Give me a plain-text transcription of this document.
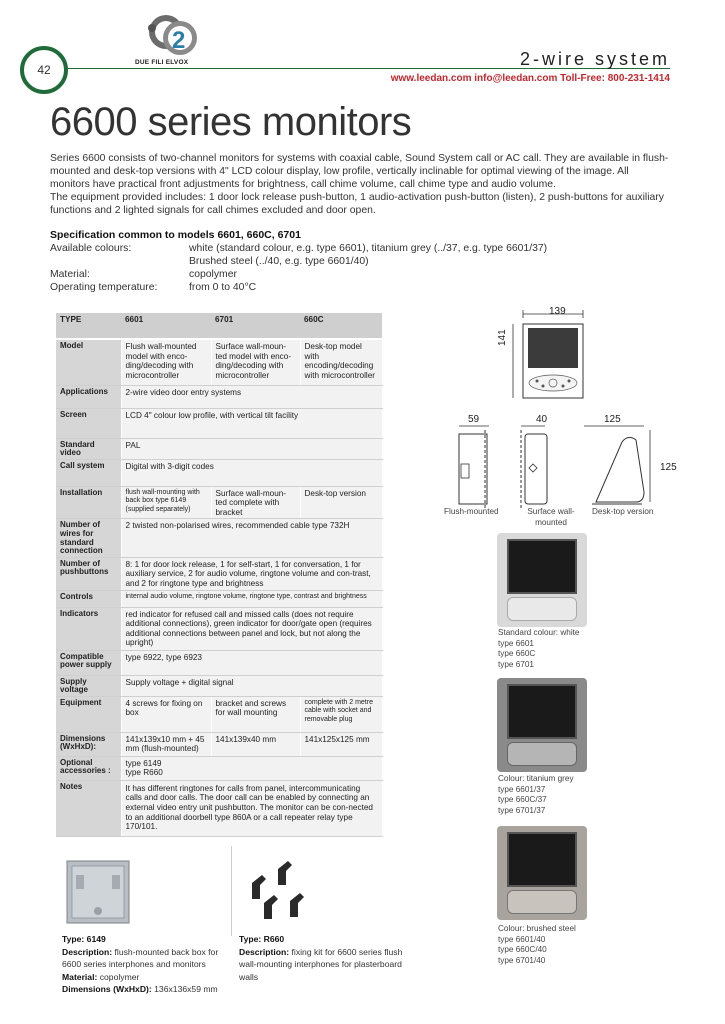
42
2
DUE FILI ELVOX	2-wire system
www.leedan.com info@leedan.com Toll-Free: 800-231-1414
6600 series monitors
Series 6600 consists of two-channel monitors for systems with coaxial cable, Sound System call or AC call. They are available in flush-mounted and desk-top versions with 4" LCD colour display, low profile, vertically inclinable for optimal viewing of the image. All monitors have practical front adjustments for brightness, call chime volume, call chime type and audio volume.
The equipment provided includes: 1 door lock release push-button, 1 audio-activation push-button (listen), 2 push-buttons for auxiliary functions and 2 lighted signals for call chimes excluded and door open.
Specification common to models 6601, 660C, 6701
Available colours:	white (standard colour, e.g. type 6601), titanium grey (../37, e.g. type 6601/37)
Brushed steel (../40, e.g. type 6601/40)
Material:	copolymer
Operating temperature:	from 0 to 40°C
TYPE	6601	6701	660C
Model	Flush wall-mounted model with enco-ding/decoding with microcontroller	Surface wall-moun-ted model with enco-ding/decoding with microcontroller	Desk-top model with encoding/decoding with microcontroller
Applications	2-wire video door entry systems		
Screen	LCD 4" colour low profile, with vertical tilt facility		
Standard video	PAL		
Call system	Digital with 3-digit codes		
Installation	flush wall-mounting with back box type 6149 (supplied separately)	Surface wall-moun-ted complete with bracket	Desk-top version
Number of wires for standard connection	2 twisted non-polarised wires, recommended cable type 732H		
Number of pushbuttons	8: 1 for door lock release, 1 for self-start, 1 for conversation, 1 for auxiliary service, 2 for audio volume, ringtone volume and con-trast, and 2 for ringtone type and brightness		
Controls	internal audio volume, ringtone volume, ringtone type, contrast and brightness		
Indicators	red indicator for refused call and missed calls (does not require additional connections), green indicator for door/gate open (requires additional connections between panel and lock, but not along the upright)		
Compatible power supply	type 6922, type 6923		
Supply voltage	Supply voltage + digital signal		
Equipment	4 screws for fixing on box	bracket and screws for wall mounting	complete with 2 metre cable with socket and removable plug
Dimensions (WxHxD):	141x139x10 mm + 45 mm (flush-mounted)	141x139x40 mm	141x125x125 mm
Optional accessories :	type 6149
type R660		

Notes	It has different ringtones for calls from panel, intercommunicating calls and door calls. The door call can be enabled by connecting an external video entry unit pushbutton. The monitor can be con-nected to an additional doorbell type 860A or a call repeater relay type 170/101.		
139
141
59	40	125
125
Flush-mounted	Surface wall-mounted
Desk-top version
Standard colour: white
type 6601
type 660C
type 6701
Colour: titanium grey
type 6601/37
type 660C/37
type 6701/37
Colour: brushed steel
type 6601/40
type 660C/40
type 6701/40
Type: 6149
Description: flush-mounted back box for 6600 series interphones and monitors
Material: copolymer
Dimensions (WxHxD): 136x136x59 mm
Type: R660
Description: fixing kit for 6600 series flush wall-mounting interphones for plasterboard walls
